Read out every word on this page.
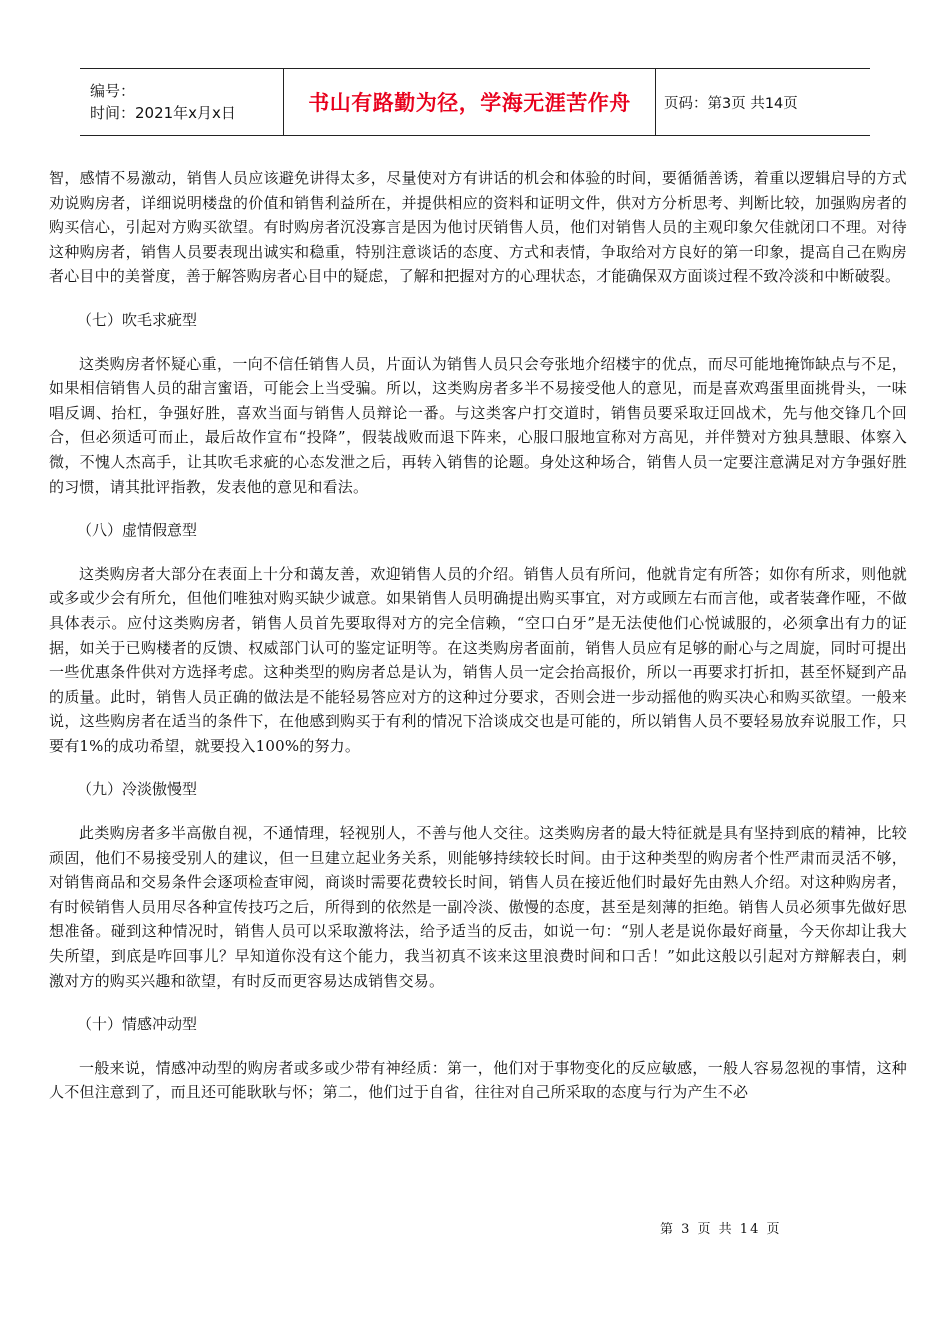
编号：
时间：2021年x月x日	书山有路勤为径，学海无涯苦作舟 页码：第3页 共14页

智，感情不易激动，销售人员应该避免讲得太多，尽量使对方有讲话的机会和体验的时间，要循循善诱，着重以逻辑启导的方式劝说购房者，详细说明楼盘的价值和销售利益所在，并提供相应的资料和证明文件，供对方分析思考、判断比较，加强购房者的购买信心，引起对方购买欲望。有时购房者沉没寡言是因为他讨厌销售人员，他们对销售人员的主观印象欠佳就闭口不理。对待这种购房者，销售人员要表现出诚实和稳重，特别注意谈话的态度、方式和表情，争取给对方良好的第一印象，提高自己在购房者心目中的美誉度，善于解答购房者心目中的疑虑，了解和把握对方的心理状态，才能确保双方面谈过程不致冷淡和中断破裂。

（七）吹毛求疵型

这类购房者怀疑心重，一向不信任销售人员，片面认为销售人员只会夸张地介绍楼宇的优点，而尽可能地掩饰缺点与不足，如果相信销售人员的甜言蜜语，可能会上当受骗。所以，这类购房者多半不易接受他人的意见，而是喜欢鸡蛋里面挑骨头，一味唱反调、抬杠，争强好胜，喜欢当面与销售人员辩论一番。与这类客户打交道时，销售员要采取迂回战术，先与他交锋几个回合，但必须适可而止，最后故作宣布“投降”，假装战败而退下阵来，心服口服地宣称对方高见，并伴赞对方独具慧眼、体察入微，不愧人杰高手，让其吹毛求疵的心态发泄之后，再转入销售的论题。身处这种场合，销售人员一定要注意满足对方争强好胜的习惯，请其批评指教，发表他的意见和看法。

（八）虚情假意型

这类购房者大部分在表面上十分和蔼友善，欢迎销售人员的介绍。销售人员有所问，他就肯定有所答；如你有所求，则他就或多或少会有所允，但他们唯独对购买缺少诚意。如果销售人员明确提出购买事宜，对方或顾左右而言他，或者装聋作哑，不做具体表示。应付这类购房者，销售人员首先要取得对方的完全信赖，“空口白牙”是无法使他们心悦诚服的，必须拿出有力的证据，如关于已购楼者的反馈、权威部门认可的鉴定证明等。在这类购房者面前，销售人员应有足够的耐心与之周旋，同时可提出一些优惠条件供对方选择考虑。这种类型的购房者总是认为，销售人员一定会抬高报价，所以一再要求打折扣，甚至怀疑到产品的质量。此时，销售人员正确的做法是不能轻易答应对方的这种过分要求，否则会进一步动摇他的购买决心和购买欲望。一般来说，这些购房者在适当的条件下，在他感到购买于有利的情况下洽谈成交也是可能的，所以销售人员不要轻易放弃说服工作，只要有1%的成功希望，就要投入100%的努力。

（九）冷淡傲慢型

此类购房者多半高傲自视，不通情理，轻视别人，不善与他人交往。这类购房者的最大特征就是具有坚持到底的精神，比较顽固，他们不易接受别人的建议，但一旦建立起业务关系，则能够持续较长时间。由于这种类型的购房者个性严肃而灵活不够，对销售商品和交易条件会逐项检查审阅，商谈时需要花费较长时间，销售人员在接近他们时最好先由熟人介绍。对这种购房者，有时候销售人员用尽各种宣传技巧之后，所得到的依然是一副冷淡、傲慢的态度，甚至是刻薄的拒绝。销售人员必须事先做好思想准备。碰到这种情况时，销售人员可以采取激将法，给予适当的反击，如说一句：“别人老是说你最好商量，今天你却让我大失所望，到底是咋回事儿？早知道你没有这个能力，我当初真不该来这里浪费时间和口舌！”如此这般以引起对方辩解表白，刺激对方的购买兴趣和欲望，有时反而更容易达成销售交易。

（十）情感冲动型

一般来说，情感冲动型的购房者或多或少带有神经质：第一，他们对于事物变化的反应敏感，一般人容易忽视的事情，这种人不但注意到了，而且还可能耿耿与怀；第二，他们过于自省，往往对自己所采取的态度与行为产生不必

第 3 页 共 14 页
